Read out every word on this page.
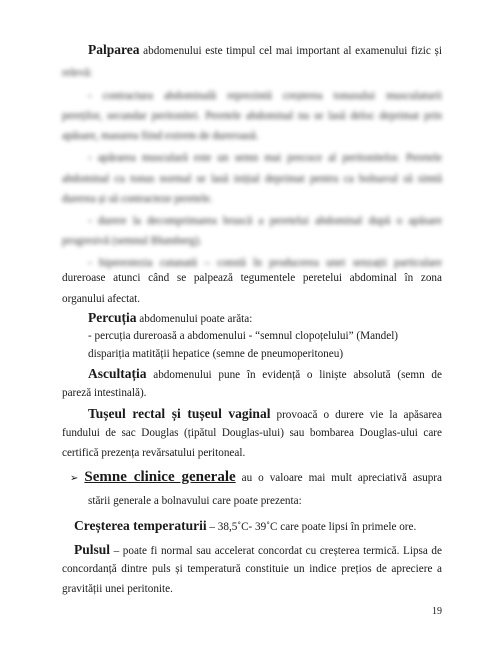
Palparea abdomenului este timpul cel mai important al examenului fizic și
relevă:
- contractura abdominală reprezintă creșterea tonusului musculaturii
pereților, secundar peritonitei. Peretele abdominal nu se lasă deloc deprimat prin
apăsare, masurea fiind extrem de dureroasă.
- apărarea musculară este un semn mai precoce al peritonitelor. Peretele
abdominal cu tonus normal se lasă inițial deprimat pentru ca bolnavul să simtă
durerea și să contracteze peretele.
- durere la decomprimarea bruscă a peretelui abdominal după o apăsare
progresivă (semnul Blumberg).
- hiperestezia cutanată – constă în producerea unei senzații particulare
dureroase atunci când se palpează tegumentele peretelui abdominal în zona
organului afectat.
Percuția abdomenului poate arăta:
- percuția dureroasă a abdomenului - “semnul clopoțelului” (Mandel)
dispariția matității hepatice (semne de pneumoperitoneu)
Ascultația abdomenului pune în evidență o liniște absolută (semn de
pareză intestinală).
Tușeul rectal și tușeul vaginal provoacă o durere vie la apăsarea
fundului de sac Douglas (țipătul Douglas-ului) sau bombarea Douglas-ului care
certifică prezența revărsatului peritoneal.
➢ Semne clinice generale au o valoare mai mult apreciativă asupra
stării generale a bolnavului care poate prezenta:
Creșterea temperaturii – 38,5˚C- 39˚C care poate lipsi în primele ore.
Pulsul – poate fi normal sau accelerat concordat cu creșterea termică. Lipsa de
concordanță dintre puls și temperatură constituie un indice prețios de apreciere a
gravității unei peritonite.
19
